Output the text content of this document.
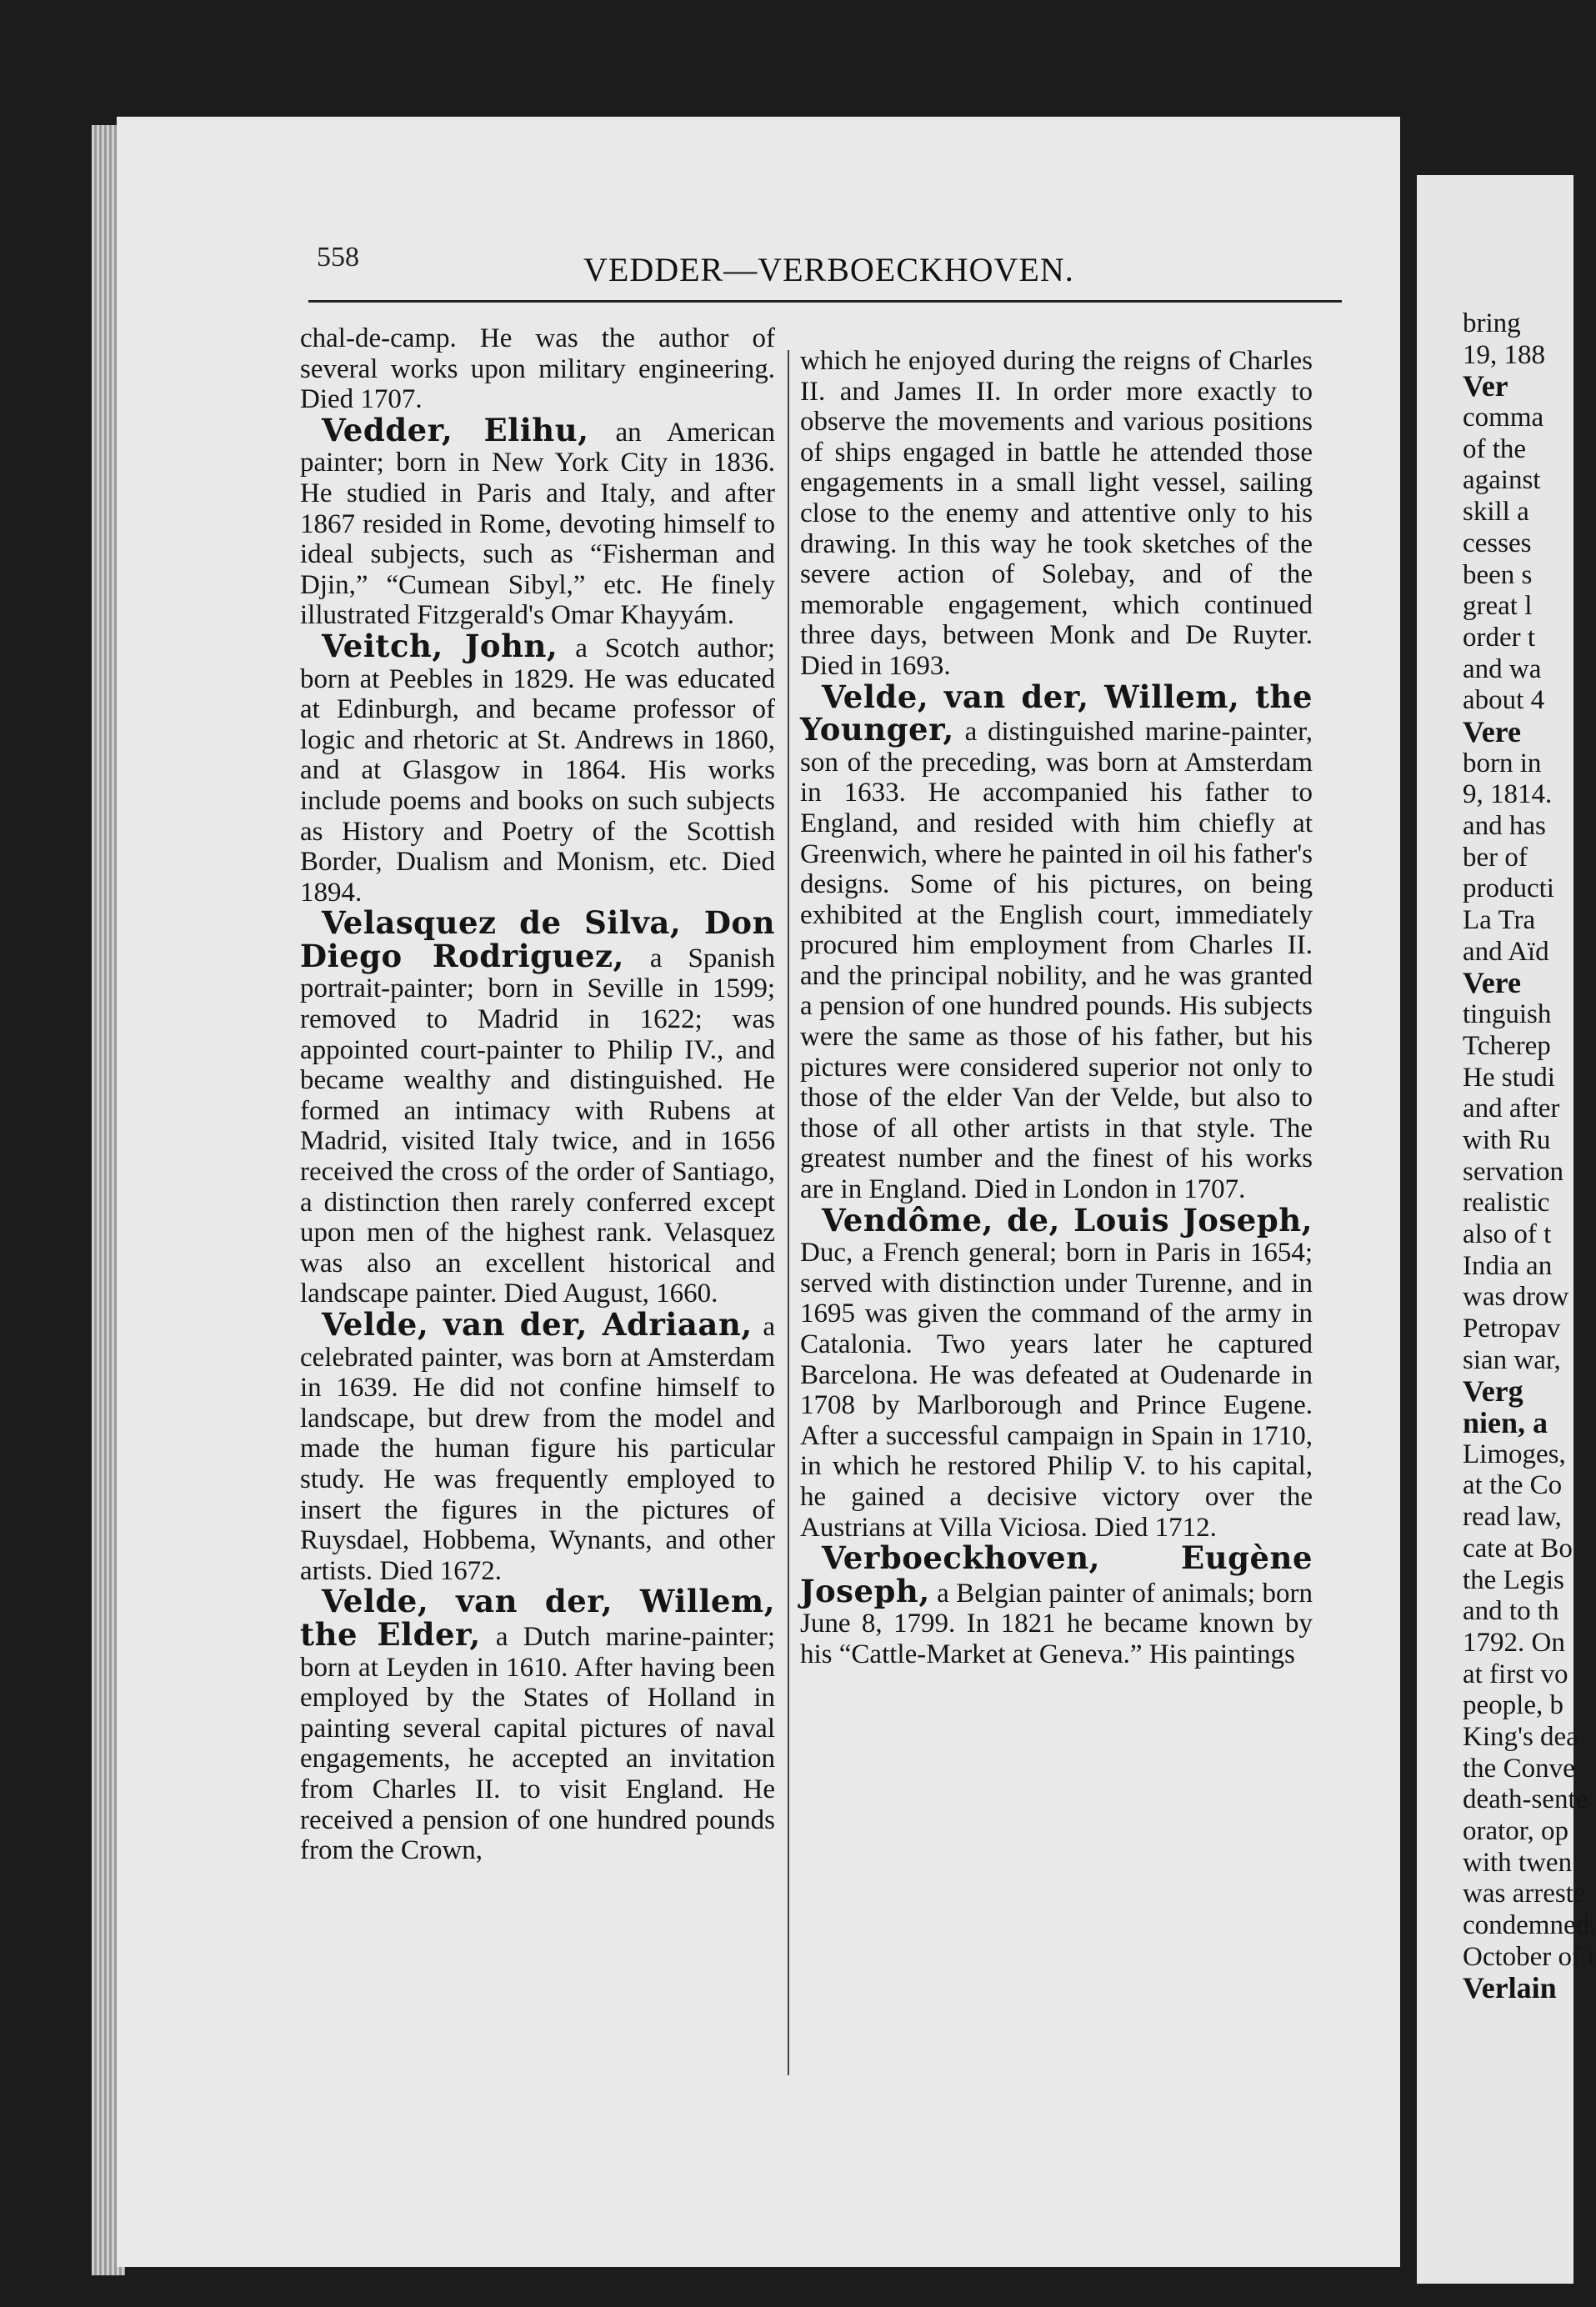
558	VEDDER—VERBOECKHOVEN.

chal-de-camp. He was the author of several works upon military engineering. Died 1707.

Vedder, Elihu, an American painter; born in New York City in 1836. He studied in Paris and Italy, and after 1867 resided in Rome, devoting himself to ideal subjects, such as “Fisherman and Djin,” “Cumean Sibyl,” etc. He finely illustrated Fitzgerald's Omar Khayyám.

Veitch, John, a Scotch author; born at Peebles in 1829. He was educated at Edinburgh, and became professor of logic and rhetoric at St. Andrews in 1860, and at Glasgow in 1864. His works include poems and books on such subjects as History and Poetry of the Scottish Border, Dualism and Monism, etc. Died 1894.

Velasquez de Silva, Don Diego Rodriguez, a Spanish portrait-painter; born in Seville in 1599; removed to Madrid in 1622; was appointed court-painter to Philip IV., and became wealthy and distinguished. He formed an intimacy with Rubens at Madrid, visited Italy twice, and in 1656 received the cross of the order of Santiago, a distinction then rarely conferred except upon men of the highest rank. Velasquez was also an excellent historical and landscape painter. Died August, 1660.

Velde, van der, Adriaan, a celebrated painter, was born at Amsterdam in 1639. He did not confine himself to landscape, but drew from the model and made the human figure his particular study. He was frequently employed to insert the figures in the pictures of Ruysdael, Hobbema, Wynants, and other artists. Died 1672.

Velde, van der, Willem, the Elder, a Dutch marine-painter; born at Leyden in 1610. After having been employed by the States of Holland in painting several capital pictures of naval engagements, he accepted an invitation from Charles II. to visit England. He received a pension of one hundred pounds from the Crown,

which he enjoyed during the reigns of Charles II. and James II. In order more exactly to observe the movements and various positions of ships engaged in battle he attended those engagements in a small light vessel, sailing close to the enemy and attentive only to his drawing. In this way he took sketches of the severe action of Solebay, and of the memorable engagement, which continued three days, between Monk and De Ruyter. Died in 1693.

Velde, van der, Willem, the Younger, a distinguished marine-painter, son of the preceding, was born at Amsterdam in 1633. He accompanied his father to England, and resided with him chiefly at Greenwich, where he painted in oil his father's designs. Some of his pictures, on being exhibited at the English court, immediately procured him employment from Charles II. and the principal nobility, and he was granted a pension of one hundred pounds. His subjects were the same as those of his father, but his pictures were considered superior not only to those of the elder Van der Velde, but also to those of all other artists in that style. The greatest number and the finest of his works are in England. Died in London in 1707.

Vendôme, de, Louis Joseph, Duc, a French general; born in Paris in 1654; served with distinction under Turenne, and in 1695 was given the command of the army in Catalonia. Two years later he captured Barcelona. He was defeated at Oudenarde in 1708 by Marlborough and Prince Eugene. After a successful campaign in Spain in 1710, in which he restored Philip V. to his capital, he gained a decisive victory over the Austrians at Villa Viciosa. Died 1712.

Verboeckhoven, Eugène Joseph, a Belgian painter of animals; born June 8, 1799. In 1821 he became known by his “Cattle-Market at Geneva.” His paintings

bring
19, 188
Ver
comma
of the
against
skill a
cesses
been s
great l
order t
and wa
about 4
Vere
born in
9, 1814.
and has
ber of
producti
La Tra
and Aïd
Vere
tinguish
Tcherep
He studi
and after
with Ru
servation
realistic
also of t
India an
was drow
Petropav
sian war,
Verg
nien, a
Limoges,
at the Co
read law,
cate at Bo
the Legis
and to th
1792. On
at first vo
people, b
King's dea
the Conve
death-sente
orator, op
with twen
was arreste
condemned,
October of t
Verlain
